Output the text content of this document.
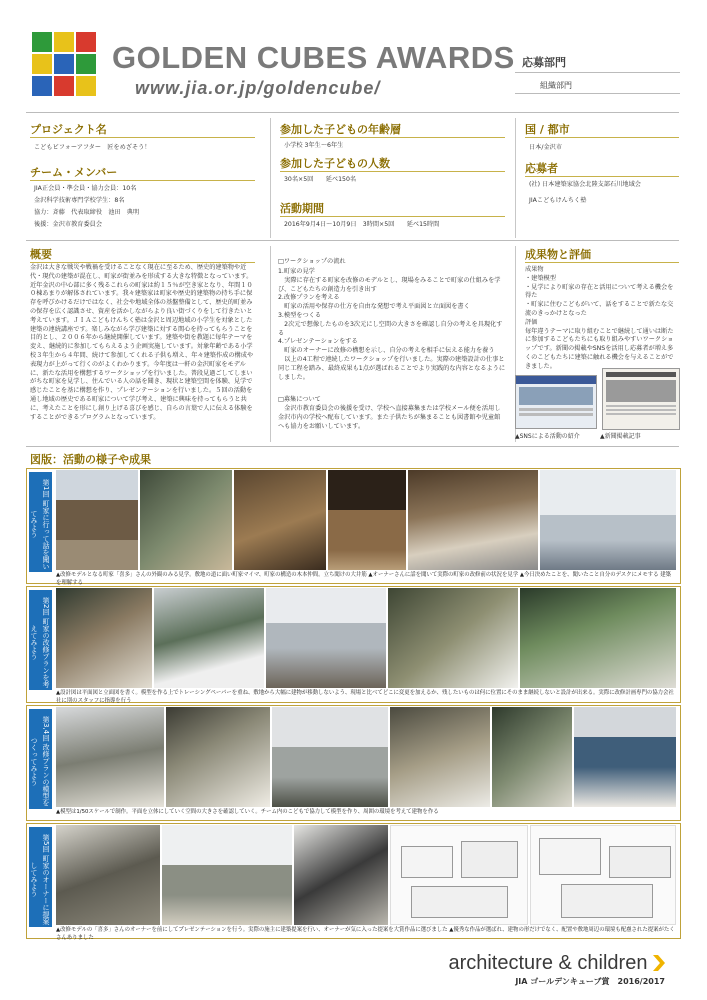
GOLDEN CUBES AWARDS
www.jia.or.jp/goldencube/
応募部門
組織部門
プロジェクト名
こどもビフォーアフター　匠をめざそう！
チーム・メンバー
JIA正会員・準会員・協力会員：10名
金沢科学技術専門学校学生：8名
協力：斉藤　代表取締役　池田　典明
後援：金沢市教育委員会
参加した子どもの年齢層
小学校 3年生〜6年生
参加した子どもの人数
30名×5回　　延べ150名
活動期間
2016年9月4日〜10月9日　3時間×5回　　延べ15時間
国 / 都市
日本/金沢市
応募者
(社) 日本建築家協会北陸支部石川地域会
JIAこどもけんちく塾
概要
金沢は大きな戦災や戦禍を受けることなく現在に至るため、歴史的建築物や近代・現代の建築が混在し、町家が街並みを形成する大きな特徴となっています。近年金沢の中心部に多く残るこれらの町家は約１５％が空き家となり、年間１００棟あまりが解体されています。我々建築家は町家や歴史的建築物の持ち手に保存を呼びかけるだけではなく、社会や地域全体の基盤整備として、歴史的町並みの保存を広く認識させ、資産を活かしながらより良い街づくりをして行きたいと考えています。ＪＩＡこどもけんちく塾は金沢と周辺地域の小学生を対象とした建築の連続講座です。楽しみながら学び建築に対する関心を持ってもらうことを目的とし、２００６年から継続開催しています。建築や街を教題に毎年テーマを変え、継続的に参加してもらえるよう企画実施しています。対象年齢である小学校３年生から４年間、続けて参加してくれる子供も増え、年々建築作成の構成や表現力が上がって行くのがよくわかります。今年度は一軒の金沢町家をモデルに、新たな活用を構想するワークショップを行いました。普段見過ごしてしまいがちな町家を見学し、住んでいる人の話を聞き、現状と建築空間を体験、見学で感じたことを基に構想を作り、プレゼンテーションを行いました。５回の活動を通し地域の歴史である町家について学び考え、建築に興味を持ってもらうと共に、考えたことを形にし創り上げる喜びを感じ、自らの言葉で人に伝える体験をすることができるプログラムとなっています。
□ワークショップの流れ
1.町家の見学
　実際に存在する町家を改修のモデルとし、現場をみることで町家の仕組みを学び、こどもたちの創造力を引き出す
2.改修プランを考える
　町家の活用や保存の仕方を自由な発想で考え平面図と立面図を書く
3.模型をつくる
　2次元で想像したものを3次元にし空間の大きさを確認し自分の考えを具現化する
4.プレゼンテーションをする
　町家のオーナーに改修の構想を示し、自分の考えを相手に伝える能力を養う
　以上の4工程で連続したワークショップを行いました。実際の建築設計の仕事と同じ工程を踏み、最終成果も1点が選ばれることでより実践的な内容となるようにしました。
□募集について
　金沢市教育委員会の後援を受け、学校へ直接募集または学校メール便を活用し金沢市内の学校へ配布しています。また子供たちが集まることも図書館や児童館へも協力をお願いしています。
成果物と評価
成果物
・建築模型
・見学により町家の存在と活用について考える機会を得た
・町家に住むこどもがいて、話をすることで新たな交流のきっかけとなった
評価
毎年違うテーマに取り組むことで継続して通いは断たに参加するこどもたちにも取り組みやすいワークショップです。新聞の掲載やSNSを活用し応募者が増え多くのこどもたちに建築に触れる機会を与えることができました。
▲SNSによる活動の紹介	▲新聞掲載記事
図版：活動の様子や成果
第1回 町家に行って話を聞いてみよう
▲改修モデルとなる町家「喜多」さんの外観のみる見学。敷地の道に面い町家マイマ、町家の構造の木本仲間。立ち聞けの大井筋 ▲オーナーさんに話を聞いて実際の町家の改修前の状況を見学 ▲今日決めたことを、聞いたこと自分のデスクにメモする 建築を理解する
第2回 町家の改修プランを考えてみよう
▲設計図は平面図と立面図を書く。模型を作る上でトレーシングペーパーを重ね、敷地から大幅に建物が移動しないよう、現場と比べてどこに変更を加えるか、残したいものは何に位置にそのまま継続しないと設計が出来る。実際に改修計画専門の協力会社社に別のスタッフに指導を行う
第3,4回 改修プランの模型をつくってみよう
▲模型は1/50スケールで制作。平面を立体にしていく空間の大きさを確認していく。チーム内のこどもで協力して模型を作り、周囲の環境を考えて建物を作る
第5回 町家のオーナーに提案してみよう
▲改修モデルの「喜多」さんのオーナーを前にしてプレゼンテーションを行う。実際の施主に建築提案を行い、オーナーが気に入った提案を大賞作品に選びました ▲優秀な作品が選ばれ、建物の形だけでなく、配置や敷地周辺の環境も配慮された提案がたくさんありました
architecture & children
JIA ゴールデンキューブ賞　2016/2017
